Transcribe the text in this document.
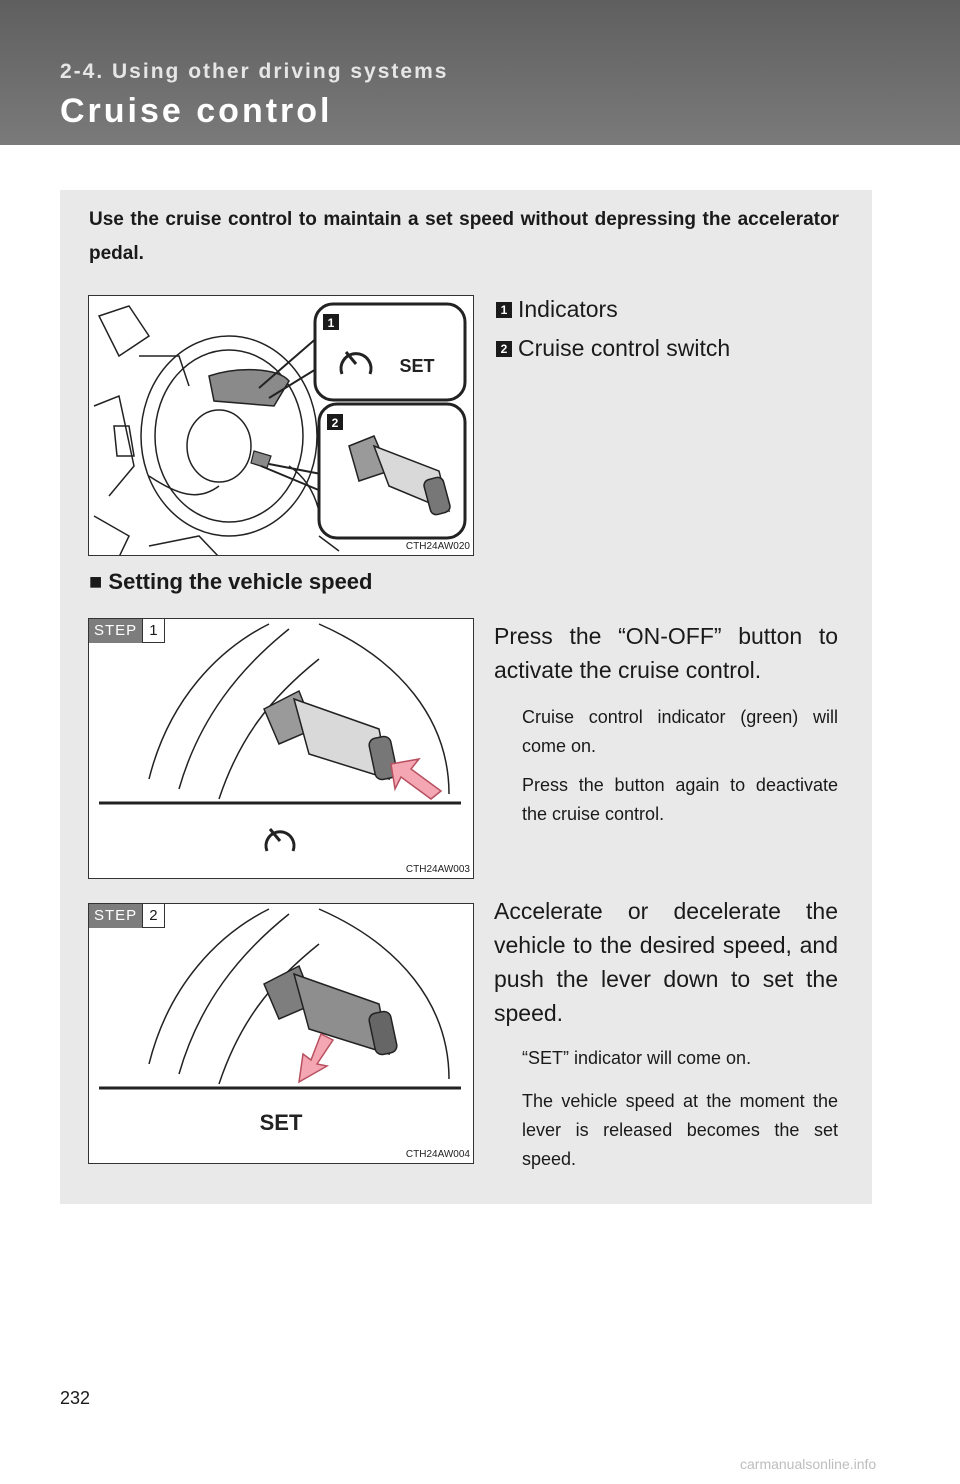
2-4. Using other driving systems
Cruise control
Use the cruise control to maintain a set speed without depressing the accelerator pedal.
1
SET
2
CTH24AW020
1 Indicators
2 Cruise control switch
■ Setting the vehicle speed
STEP 1
CTH24AW003
Press the “ON-OFF” button to activate the cruise control.
Cruise control indicator (green) will come on.
Press the button again to deactivate the cruise control.
SET
STEP 2
CTH24AW004
Accelerate or decelerate the vehicle to the desired speed, and push the lever down to set the speed.
“SET” indicator will come on.
The vehicle speed at the moment the lever is released becomes the set speed.
232
carmanualsonline.info
